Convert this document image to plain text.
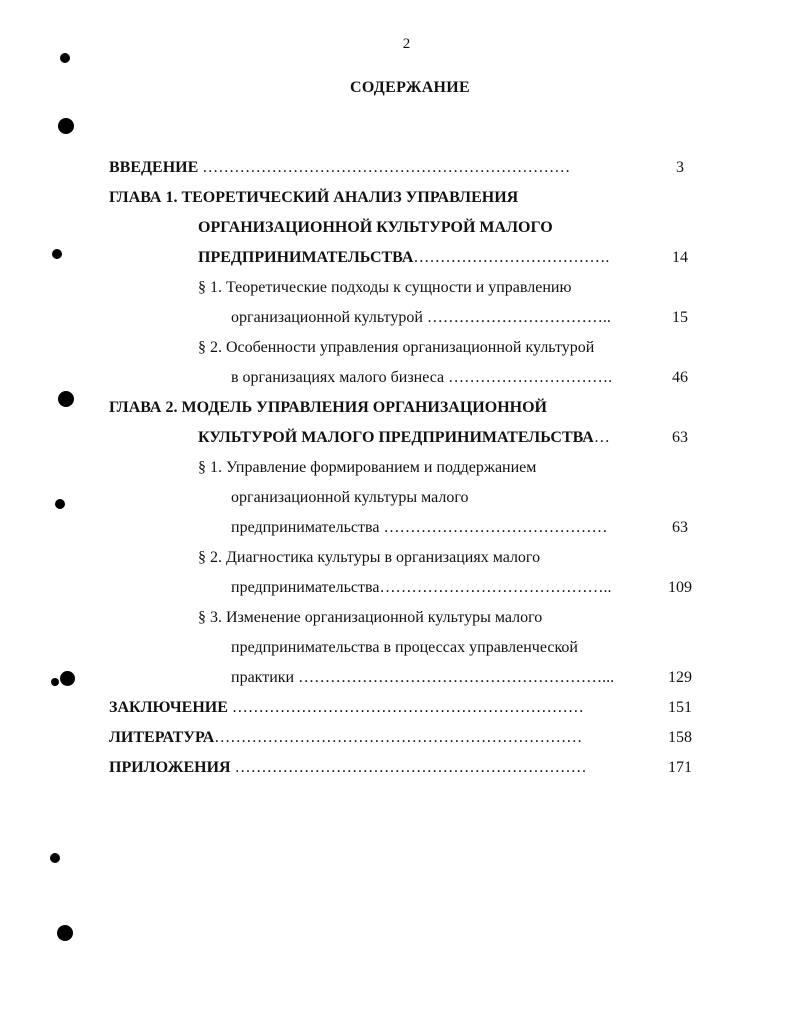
2
СОДЕРЖАНИЕ
ВВЕДЕНИЕ ……………………………………………………………	3
ГЛАВА 1. ТЕОРЕТИЧЕСКИЙ АНАЛИЗ УПРАВЛЕНИЯ
ОРГАНИЗАЦИОННОЙ КУЛЬТУРОЙ МАЛОГО
ПРЕДПРИНИМАТЕЛЬСТВА……………………………….	14
§ 1. Теоретические подходы к сущности и управлению
организационной культурой ……………………………..	15
§ 2. Особенности управления организационной культурой
в организациях малого бизнеса ………………………….	46
ГЛАВА 2. МОДЕЛЬ УПРАВЛЕНИЯ ОРГАНИЗАЦИОННОЙ
КУЛЬТУРОЙ МАЛОГО ПРЕДПРИНИМАТЕЛЬСТВА…	63
§ 1. Управление формированием и поддержанием
организационной культуры малого
предпринимательства ……………………………………	63
§ 2. Диагностика культуры в организациях малого
предпринимательства……………………………………..	109
§ 3. Изменение организационной культуры малого
предпринимательства в процессах управленческой
практики …………………………………………………...	129
ЗАКЛЮЧЕНИЕ …………………………………………………………	151
ЛИТЕРАТУРА……………………………………………………………	158
ПРИЛОЖЕНИЯ …………………………………………………………	171
